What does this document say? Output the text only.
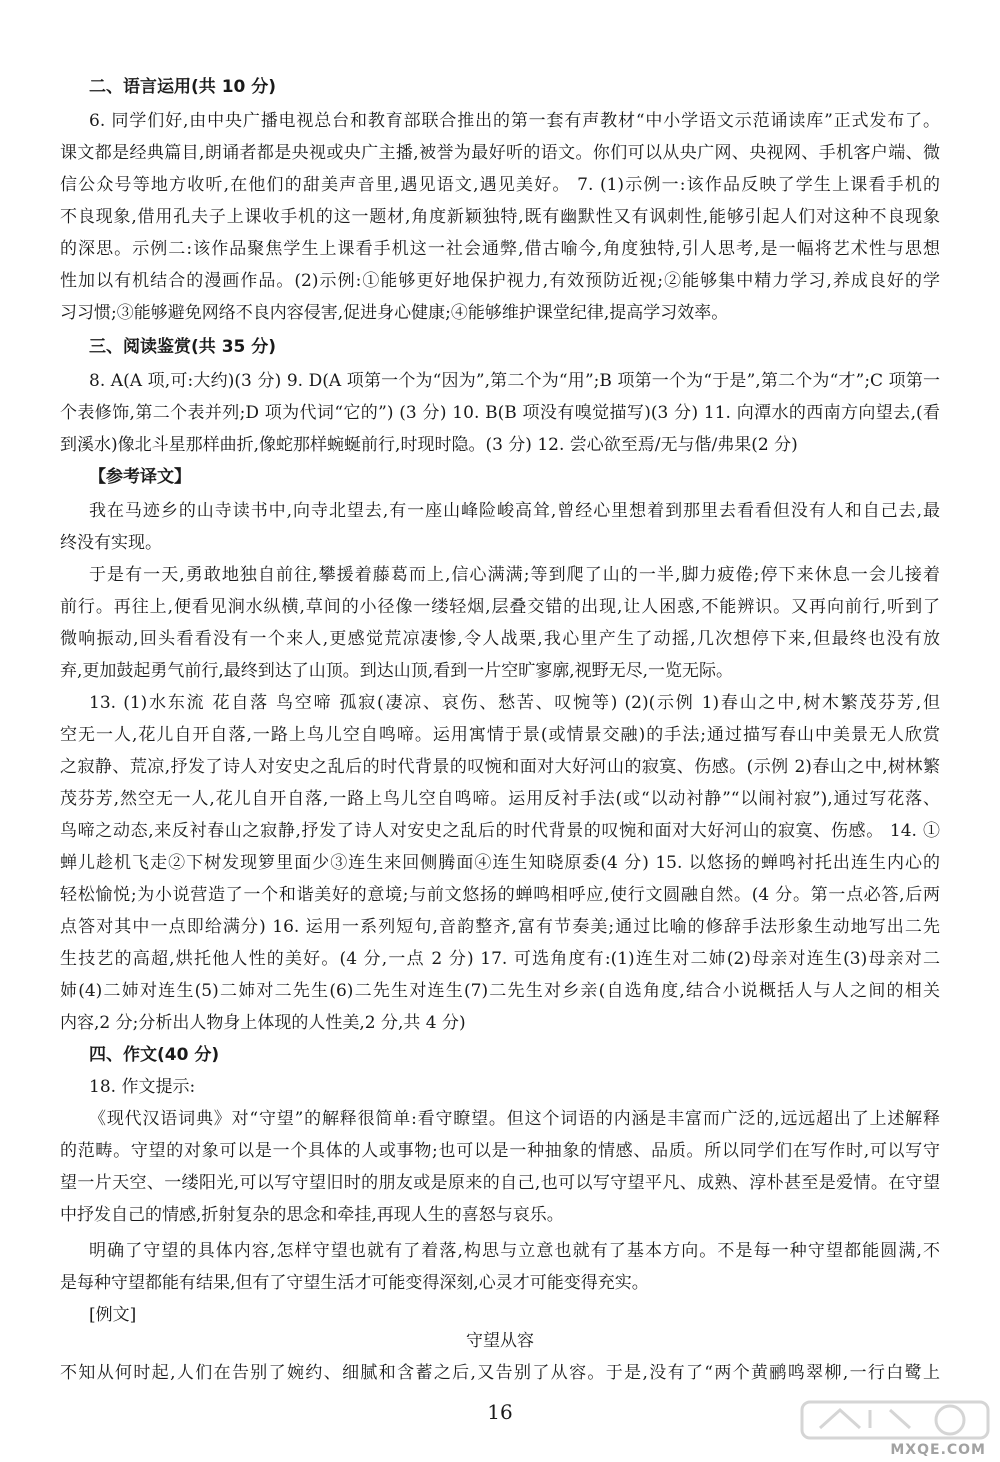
二、语言运用(共 10 分)
6. 同学们好,由中央广播电视总台和教育部联合推出的第一套有声教材“中小学语文示范诵读库”正式发布了。
课文都是经典篇目,朗诵者都是央视或央广主播,被誉为最好听的语文。你们可以从央广网、央视网、手机客户端、微
信公众号等地方收听,在他们的甜美声音里,遇见语文,遇见美好。 7. (1)示例一:该作品反映了学生上课看手机的
不良现象,借用孔夫子上课收手机的这一题材,角度新颖独特,既有幽默性又有讽刺性,能够引起人们对这种不良现象
的深思。示例二:该作品聚焦学生上课看手机这一社会通弊,借古喻今,角度独特,引人思考,是一幅将艺术性与思想
性加以有机结合的漫画作品。(2)示例:①能够更好地保护视力,有效预防近视;②能够集中精力学习,养成良好的学
习习惯;③能够避免网络不良内容侵害,促进身心健康;④能够维护课堂纪律,提高学习效率。
三、阅读鉴赏(共 35 分)
8. A(A 项,可:大约)(3 分) 9. D(A 项第一个为“因为”,第二个为“用”;B 项第一个为“于是”,第二个为“才”;C 项第一
个表修饰,第二个表并列;D 项为代词“它的”) (3 分) 10. B(B 项没有嗅觉描写)(3 分) 11. 向潭水的西南方向望去,(看
到溪水)像北斗星那样曲折,像蛇那样蜿蜒前行,时现时隐。(3 分) 12. 尝心欲至焉/无与偕/弗果(2 分)
【参考译文】
我在马迹乡的山寺读书中,向寺北望去,有一座山峰险峻高耸,曾经心里想着到那里去看看但没有人和自己去,最
终没有实现。
于是有一天,勇敢地独自前往,攀援着藤葛而上,信心满满;等到爬了山的一半,脚力疲倦;停下来休息一会儿接着
前行。再往上,便看见涧水纵横,草间的小径像一缕轻烟,层叠交错的出现,让人困惑,不能辨识。又再向前行,听到了
微响振动,回头看看没有一个来人,更感觉荒凉凄惨,令人战栗,我心里产生了动摇,几次想停下来,但最终也没有放
弃,更加鼓起勇气前行,最终到达了山顶。到达山顶,看到一片空旷寥廓,视野无尽,一览无际。
13. (1)水东流 花自落 鸟空啼 孤寂(凄凉、哀伤、愁苦、叹惋等) (2)(示例 1)春山之中,树木繁茂芬芳,但
空无一人,花儿自开自落,一路上鸟儿空自鸣啼。运用寓情于景(或情景交融)的手法;通过描写春山中美景无人欣赏
之寂静、荒凉,抒发了诗人对安史之乱后的时代背景的叹惋和面对大好河山的寂寞、伤感。(示例 2)春山之中,树林繁
茂芬芳,然空无一人,花儿自开自落,一路上鸟儿空自鸣啼。运用反衬手法(或“以动衬静”“以闹衬寂”),通过写花落、
鸟啼之动态,来反衬春山之寂静,抒发了诗人对安史之乱后的时代背景的叹惋和面对大好河山的寂寞、伤感。 14. ①
蝉儿趁机飞走②下树发现箩里面少③连生来回侧腾面④连生知晓原委(4 分) 15. 以悠扬的蝉鸣衬托出连生内心的
轻松愉悦;为小说营造了一个和谐美好的意境;与前文悠扬的蝉鸣相呼应,使行文圆融自然。(4 分。第一点必答,后两
点答对其中一点即给满分) 16. 运用一系列短句,音韵整齐,富有节奏美;通过比喻的修辞手法形象生动地写出二先
生技艺的高超,烘托他人性的美好。(4 分,一点 2 分) 17. 可选角度有:(1)连生对二姉(2)母亲对连生(3)母亲对二
姉(4)二姉对连生(5)二姉对二先生(6)二先生对连生(7)二先生对乡亲(自选角度,结合小说概括人与人之间的相关
内容,2 分;分析出人物身上体现的人性美,2 分,共 4 分)
四、作文(40 分)
18. 作文提示:
《现代汉语词典》对“守望”的解释很简单:看守瞭望。但这个词语的内涵是丰富而广泛的,远远超出了上述解释
的范畴。守望的对象可以是一个具体的人或事物;也可以是一种抽象的情感、品质。所以同学们在写作时,可以写守
望一片天空、一缕阳光,可以写守望旧时的朋友或是原来的自己,也可以写守望平凡、成熟、淳朴甚至是爱情。在守望
中抒发自己的情感,折射复杂的思念和牵挂,再现人生的喜怒与哀乐。
明确了守望的具体内容,怎样守望也就有了着落,构思与立意也就有了基本方向。不是每一种守望都能圆满,不
是每种守望都能有结果,但有了守望生活才可能变得深刻,心灵才可能变得充实。
[例文]
守望从容
不知从何时起,人们在告别了婉约、细腻和含蓄之后,又告别了从容。于是,没有了“两个黄鹂鸣翠柳,一行白鹭上
16
MXQE.COM
